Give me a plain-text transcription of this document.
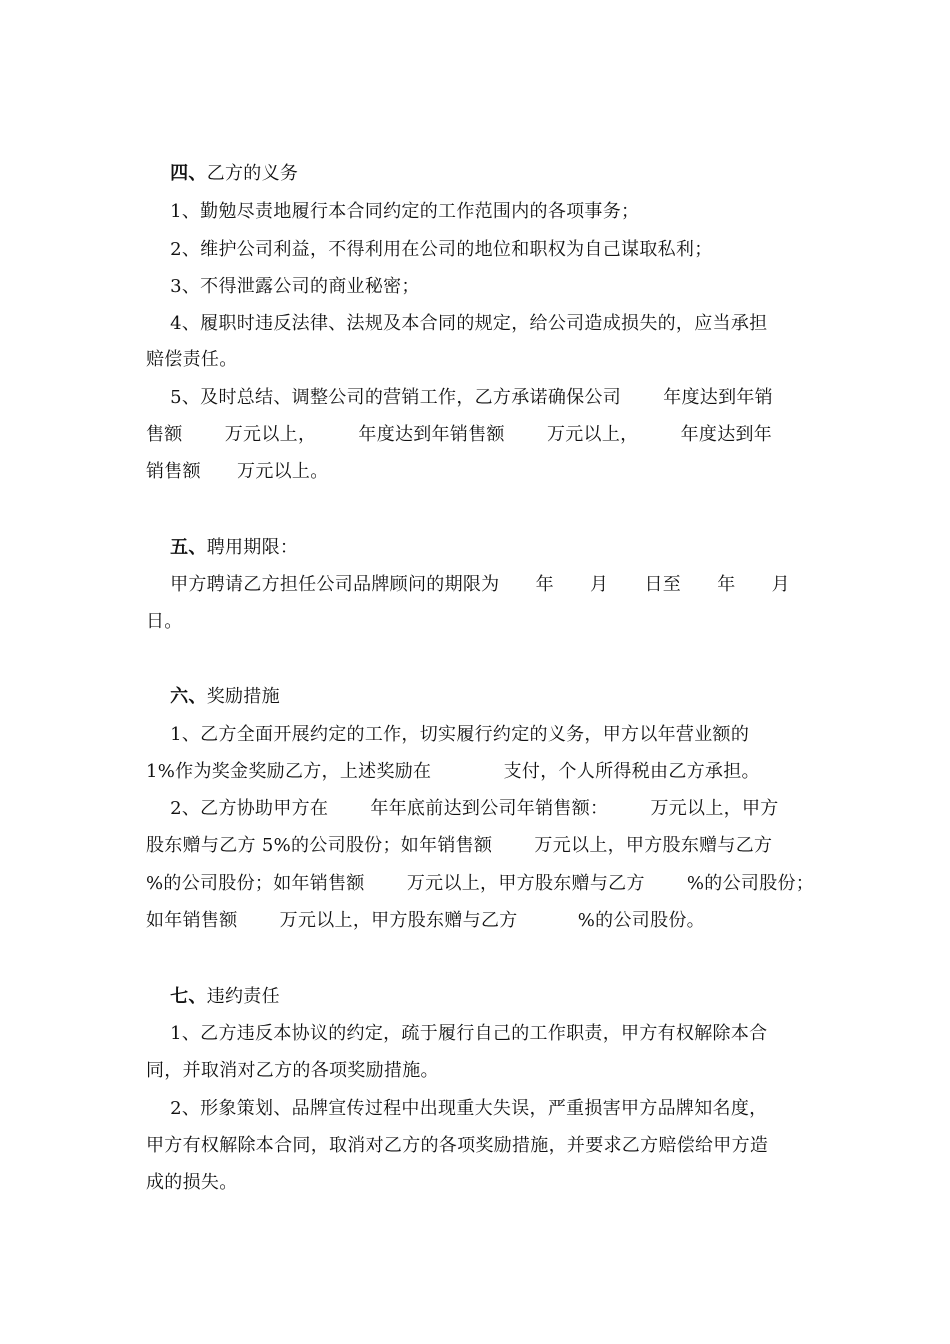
四、乙方的义务
1、勤勉尽责地履行本合同约定的工作范围内的各项事务；
2、维护公司利益，不得利用在公司的地位和职权为自己谋取私利；
3、不得泄露公司的商业秘密；
4、履职时违反法律、法规及本合同的规定，给公司造成损失的，应当承担
赔偿责任。
5、及时总结、调整公司的营销工作，乙方承诺确保公司       年度达到年销
售额       万元以上，       年度达到年销售额       万元以上，       年度达到年
销售额      万元以上。
五、聘用期限：
甲方聘请乙方担任公司品牌顾问的期限为      年      月      日至      年      月
日。
六、奖励措施
1、乙方全面开展约定的工作，切实履行约定的义务，甲方以年营业额的
1%作为奖金奖励乙方，上述奖励在            支付，个人所得税由乙方承担。
2、乙方协助甲方在       年年底前达到公司年销售额：       万元以上，甲方
股东赠与乙方 5%的公司股份；如年销售额       万元以上，甲方股东赠与乙方
%的公司股份；如年销售额       万元以上，甲方股东赠与乙方       %的公司股份；
如年销售额       万元以上，甲方股东赠与乙方          %的公司股份。
七、违约责任
1、乙方违反本协议的约定，疏于履行自己的工作职责，甲方有权解除本合
同，并取消对乙方的各项奖励措施。
2、形象策划、品牌宣传过程中出现重大失误，严重损害甲方品牌知名度，
甲方有权解除本合同，取消对乙方的各项奖励措施，并要求乙方赔偿给甲方造
成的损失。
